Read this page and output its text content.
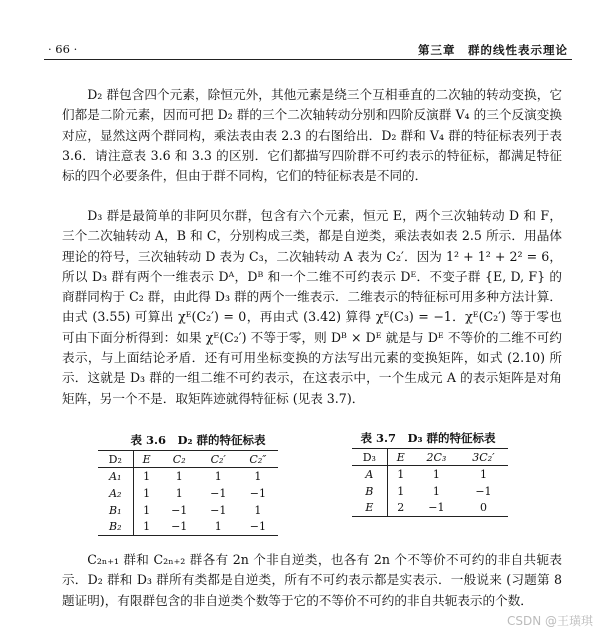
· 66 ·	第三章　群的线性表示理论

D₂ 群包含四个元素，除恒元外，其他元素是绕三个互相垂直的二次轴的转动变换，它们都是二阶元素，因而可把 D₂ 群的三个二次轴转动分别和四阶反演群 V₄ 的三个反演变换对应，显然这两个群同构，乘法表由表 2.3 的右图给出．D₂ 群和 V₄ 群的特征标表列于表 3.6．请注意表 3.6 和 3.3 的区别．它们都描写四阶群不可约表示的特征标，都满足特征标的四个必要条件，但由于群不同构，它们的特征标表是不同的．

D₃ 群是最简单的非阿贝尔群，包含有六个元素，恒元 E，两个三次轴转动 D 和 F，三个二次轴转动 A，B 和 C，分别构成三类，都是自逆类，乘法表如表 2.5 所示．用晶体理论的符号，三次轴转动 D 表为 C₃，二次轴转动 A 表为 C₂′．因为 1² + 1² + 2² = 6，所以 D₃ 群有两个一维表示 Dᴬ，Dᴮ 和一个二维不可约表示 Dᴱ．不变子群 {E, D, F} 的商群同构于 C₂ 群，由此得 D₃ 群的两个一维表示．二维表示的特征标可用多种方法计算．由式 (3.55) 可算出 χᴱ(C₂′) = 0，再由式 (3.42) 算得 χᴱ(C₃) = −1．χᴱ(C₂′) 等于零也可由下面分析得到：如果 χᴱ(C₂′) 不等于零，则 Dᴮ × Dᴱ 就是与 Dᴱ 不等价的二维不可约表示，与上面结论矛盾．还有可用坐标变换的方法写出元素的变换矩阵，如式 (2.10) 所示．这就是 D₃ 群的一组二维不可约表示，在这表示中，一个生成元 A 的表示矩阵是对角矩阵，另一个不是．取矩阵迹就得特征标 (见表 3.7)．

表 3.6　D₂ 群的特征标表
D₂	E	C₂	C₂′	C₂″
A₁	1	1	1	1
A₂	1	1	−1	−1
B₁	1	−1	−1	1
B₂	1	−1	1	−1
表 3.7　D₃ 群的特征标表
D₃	E	2C₃	3C₂′
A	1	1	1
B	1	1	−1
E	2	−1	0

C₂ₙ₊₁ 群和 C₂ₙ₊₂ 群各有 2n 个非自逆类，也各有 2n 个不等价不可约的非自共轭表示．D₂ 群和 D₃ 群所有类都是自逆类，所有不可约表示都是实表示．一般说来 (习题第 8 题证明)，有限群包含的非自逆类个数等于它的不等价不可约的非自共轭表示的个数．

CSDN @王璜琪
